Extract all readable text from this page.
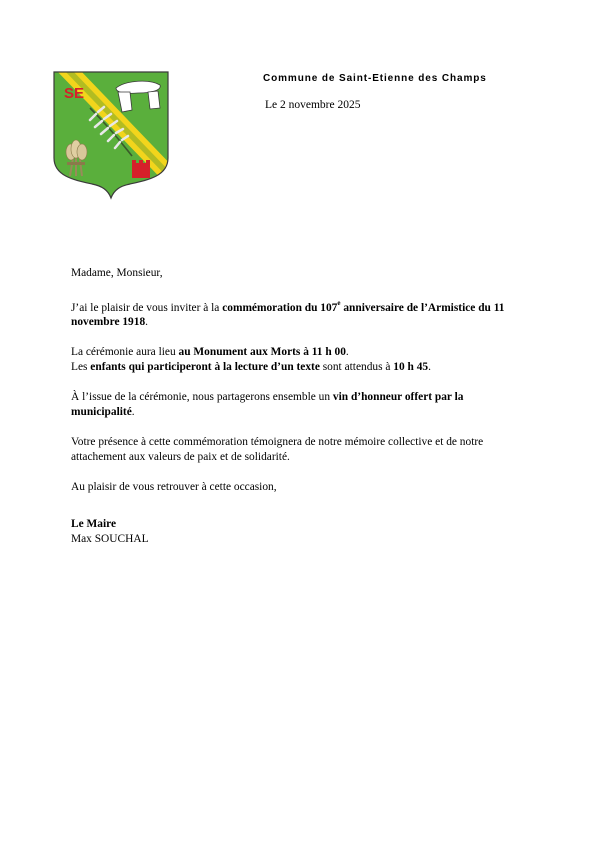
SE
Commune de Saint-Etienne des Champs
Le 2 novembre 2025

Madame, Monsieur,

J’ai le plaisir de vous inviter à la commémoration du 107e anniversaire de l’Armistice du 11 novembre 1918.

La cérémonie aura lieu au Monument aux Morts à 11 h 00.
Les enfants qui participeront à la lecture d’un texte sont attendus à 10 h 45.

À l’issue de la cérémonie, nous partagerons ensemble un vin d’honneur offert par la municipalité.

Votre présence à cette commémoration témoignera de notre mémoire collective et de notre attachement aux valeurs de paix et de solidarité.

Au plaisir de vous retrouver à cette occasion,

Le Maire
Max SOUCHAL
